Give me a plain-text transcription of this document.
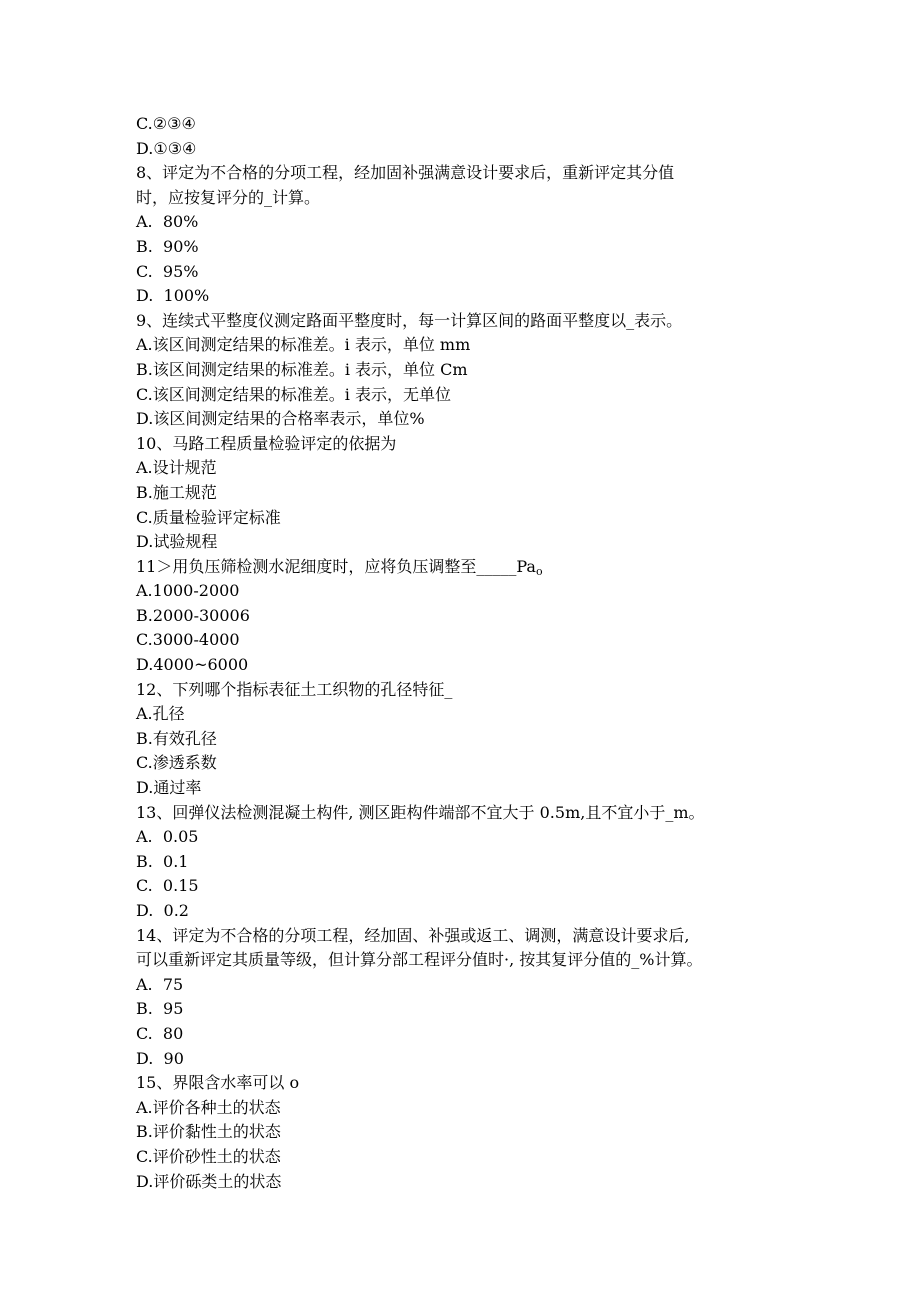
C.②③④
D.①③④
8、评定为不合格的分项工程，经加固补强满意设计要求后，重新评定其分值
时，应按复评分的_计算。
A.  80%
B.  90%
C.  95%
D.  100%
9、连续式平整度仪测定路面平整度时，每一计算区间的路面平整度以_表示。
A.该区间测定结果的标准差。i 表示，单位 mm
B.该区间测定结果的标准差。i 表示，单位 Cm
C.该区间测定结果的标准差。i 表示，无单位
D.该区间测定结果的合格率表示，单位%
10、马路工程质量检验评定的依据为
A.设计规范
B.施工规范
C.质量检验评定标准
D.试验规程
11＞用负压筛检测水泥细度时，应将负压调整至$\_\_\_\_\_Pa_o$
A.1000-2000
B.2000-30006
C.3000-4000
D.4000~6000
12、下列哪个指标表征土工织物的孔径特征_
A.孔径
B.有效孔径
C.渗透系数
D.通过率
13、回弹仪法检测混凝土构件, 测区距构件端部不宜大于 0.5m,且不宜小于_m。
A.  0.05
B.  0.1
C.  0.15
D.  0.2
14、评定为不合格的分项工程，经加固、补强或返工、调测，满意设计要求后,
可以重新评定其质量等级，但计算分部工程评分值时·, 按其复评分值的_%计算。
A.  75
B.  95
C.  80
D.  90
15、界限含水率可以 o
A.评价各种土的状态
B.评价黏性土的状态
C.评价砂性土的状态
D.评价砾类土的状态
